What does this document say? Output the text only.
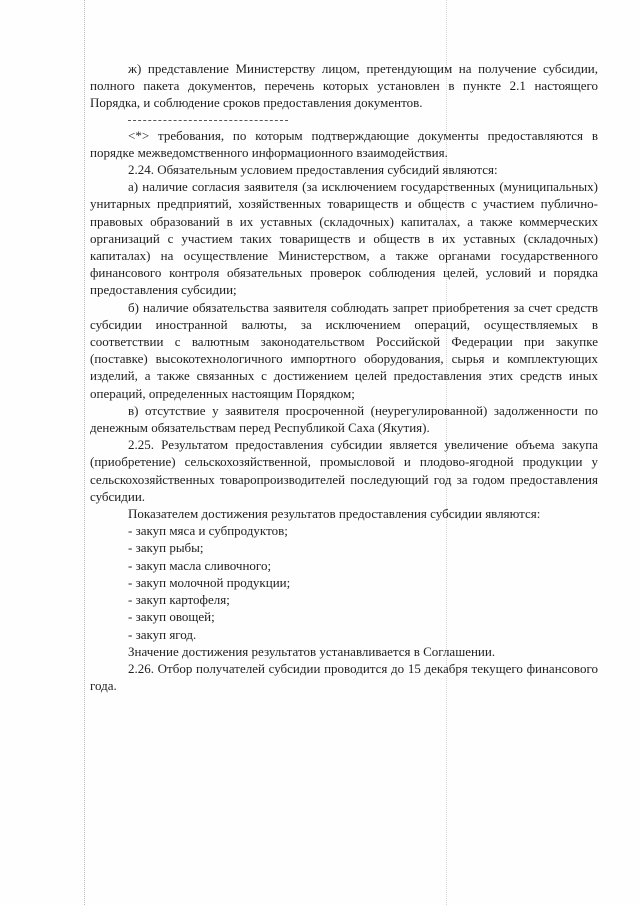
ж) представление Министерству лицом, претендующим на получение субсидии, полного пакета документов, перечень которых установлен в пункте 2.1 настоящего Порядка, и соблюдение сроков предоставления документов.

<*> требования, по которым подтверждающие документы предоставляются в порядке межведомственного информационного взаимодействия.

2.24. Обязательным условием предоставления субсидий являются:

а) наличие согласия заявителя (за исключением государственных (муниципальных) унитарных предприятий, хозяйственных товариществ и обществ с участием публично-правовых образований в их уставных (складочных) капиталах, а также коммерческих организаций с участием таких товариществ и обществ в их уставных (складочных) капиталах) на осуществление Министерством, а также органами государственного финансового контроля обязательных проверок соблюдения целей, условий и порядка предоставления субсидии;

б) наличие обязательства заявителя соблюдать запрет приобретения за счет средств субсидии иностранной валюты, за исключением операций, осуществляемых в соответствии с валютным законодательством Российской Федерации при закупке (поставке) высокотехнологичного импортного оборудования, сырья и комплектующих изделий, а также связанных с достижением целей предоставления этих средств иных операций, определенных настоящим Порядком;

в) отсутствие у заявителя просроченной (неурегулированной) задолженности по денежным обязательствам перед Республикой Саха (Якутия).

2.25. Результатом предоставления субсидии является увеличение объема закупа (приобретение) сельскохозяйственной, промысловой и плодово-ягодной продукции у сельскохозяйственных товаропроизводителей последующий год за годом предоставления субсидии.

Показателем достижения результатов предоставления субсидии являются:

- закуп мяса и субпродуктов;

- закуп рыбы;

- закуп масла сливочного;

- закуп молочной продукции;

- закуп картофеля;

- закуп овощей;

- закуп ягод.

Значение достижения результатов устанавливается в Соглашении.

2.26. Отбор получателей субсидии проводится до 15 декабря текущего финансового года.
